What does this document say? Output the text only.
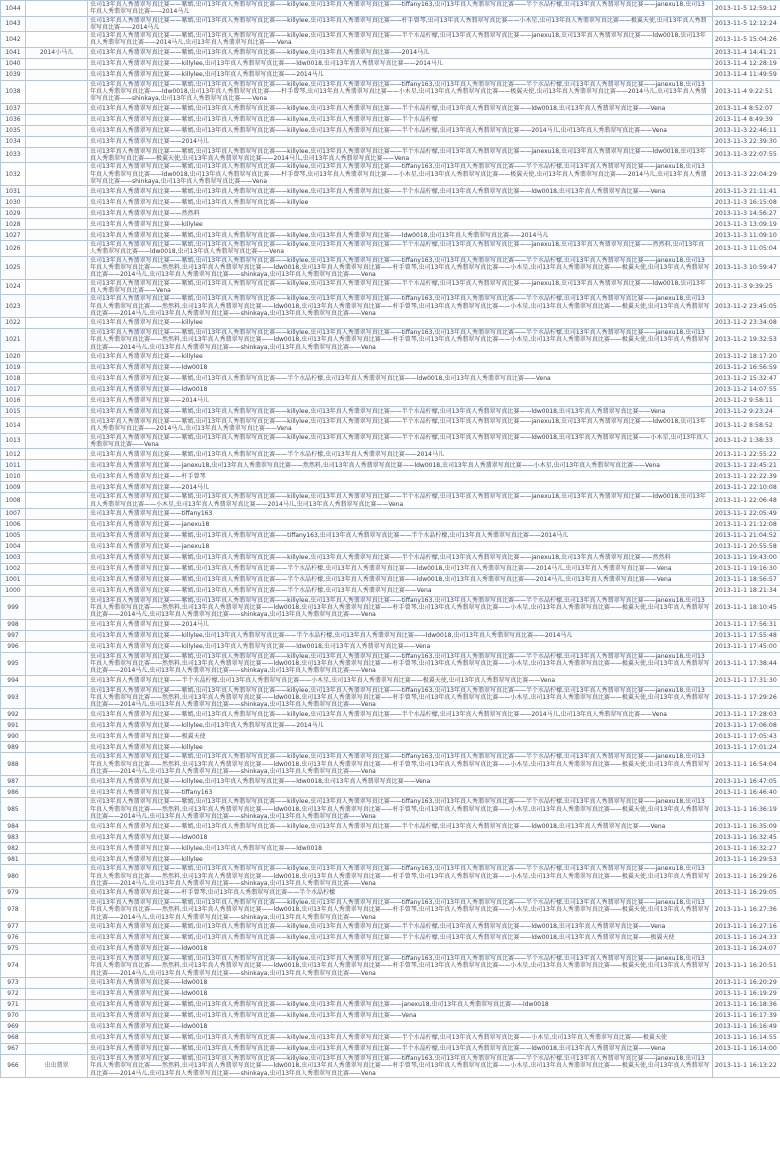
1044		虫司13年真人秀翡翠写真比赛——紫嫣,虫司13年真人秀翡翠写真比赛——killylee,虫司13年真人秀翡翠写真比赛——tiffany163,虫司13年真人秀翡翠写真比赛——半个水晶柠檬,虫司13年真人秀翡翠写真比赛——janexu18,虫司13年真人秀翡翠写真比赛——2014马儿	2013-11-5 12:59:12
1043		虫司13年真人秀翡翠写真比赛——紫嫣,虫司13年真人秀翡翠写真比赛——killylee,虫司13年真人秀翡翠写真比赛——杆手曾琴,虫司13年真人秀翡翠写真比赛——小木星,虫司13年真人秀翡翠写真比赛——极翼天使,虫司13年真人秀翡翠写真比赛——2014马儿	2013-11-5 12:12:24
1042		虫司13年真人秀翡翠写真比赛——紫嫣,虫司13年真人秀翡翠写真比赛——killylee,虫司13年真人秀翡翠写真比赛——半个水晶柠檬,虫司13年真人秀翡翠写真比赛——janexu18,虫司13年真人秀翡翠写真比赛——ldw0018,虫司13年真人秀翡翠写真比赛——2014马儿,虫司13年真人秀翡翠写真比赛——Vena	2013-11-5 15:04:26
1041	2014小马儿	虫司13年真人秀翡翠写真比赛——紫嫣,虫司13年真人秀翡翠写真比赛——killylee,虫司13年真人秀翡翠写真比赛——2014马儿	2013-11-4 14:41:21
1040		虫司13年真人秀翡翠写真比赛——killylee,虫司13年真人秀翡翠写真比赛——ldw0018,虫司13年真人秀翡翠写真比赛——2014马儿	2013-11-4 12:28:19
1039		虫司13年真人秀翡翠写真比赛——killylee,虫司13年真人秀翡翠写真比赛——2014马儿	2013-11-4 11:49:59
1038		虫司13年真人秀翡翠写真比赛——紫嫣,虫司13年真人秀翡翠写真比赛——killylee,虫司13年真人秀翡翠写真比赛——tiffany163,虫司13年真人秀翡翠写真比赛——半个水晶柠檬,虫司13年真人秀翡翠写真比赛——janexu18,虫司13年真人秀翡翠写真比赛——ldw0018,虫司13年真人秀翡翠写真比赛——杆手曾琴,虫司13年真人秀翡翠写真比赛——小木星,虫司13年真人秀翡翠写真比赛——极翼天使,虫司13年真人秀翡翠写真比赛——2014马儿,虫司13年真人秀翡翠写真比赛——shinkaya,虫司13年真人秀翡翠写真比赛——Vena	2013-11-4 9:22:51
1037		虫司13年真人秀翡翠写真比赛——紫嫣,虫司13年真人秀翡翠写真比赛——killylee,虫司13年真人秀翡翠写真比赛——半个水晶柠檬,虫司13年真人秀翡翠写真比赛——ldw0018,虫司13年真人秀翡翠写真比赛——Vena	2013-11-4 8:52:07
1036		虫司13年真人秀翡翠写真比赛——紫嫣,虫司13年真人秀翡翠写真比赛——killylee,虫司13年真人秀翡翠写真比赛——半个水晶柠檬	2013-11-4 8:49:39
1035		虫司13年真人秀翡翠写真比赛——紫嫣,虫司13年真人秀翡翠写真比赛——killylee,虫司13年真人秀翡翠写真比赛——半个水晶柠檬,虫司13年真人秀翡翠写真比赛——2014马儿,虫司13年真人秀翡翠写真比赛——Vena	2013-11-3 22:46:11
1034		虫司13年真人秀翡翠写真比赛——2014马儿	2013-11-3 22:39:30
1033		虫司13年真人秀翡翠写真比赛——紫嫣,虫司13年真人秀翡翠写真比赛——killylee,虫司13年真人秀翡翠写真比赛——半个水晶柠檬,虫司13年真人秀翡翠写真比赛——janexu18,虫司13年真人秀翡翠写真比赛——ldw0018,虫司13年真人秀翡翠写真比赛——极翼天使,虫司13年真人秀翡翠写真比赛——2014马儿,虫司13年真人秀翡翠写真比赛——Vena	2013-11-3 22:07:55
1032		虫司13年真人秀翡翠写真比赛——紫嫣,虫司13年真人秀翡翠写真比赛——killylee,虫司13年真人秀翡翠写真比赛——tiffany163,虫司13年真人秀翡翠写真比赛——半个水晶柠檬,虫司13年真人秀翡翠写真比赛——janexu18,虫司13年真人秀翡翠写真比赛——ldw0018,虫司13年真人秀翡翠写真比赛——杆手曾琴,虫司13年真人秀翡翠写真比赛——小木星,虫司13年真人秀翡翠写真比赛——极翼天使,虫司13年真人秀翡翠写真比赛——2014马儿,虫司13年真人秀翡翠写真比赛——shinkaya,虫司13年真人秀翡翠写真比赛——Vena	2013-11-3 22:04:29
1031		虫司13年真人秀翡翠写真比赛——紫嫣,虫司13年真人秀翡翠写真比赛——killylee,虫司13年真人秀翡翠写真比赛——半个水晶柠檬,虫司13年真人秀翡翠写真比赛——ldw0018,虫司13年真人秀翡翠写真比赛——Vena	2013-11-3 21:11:41
1030		虫司13年真人秀翡翠写真比赛——紫嫣,虫司13年真人秀翡翠写真比赛——killylee	2013-11-3 16:15:08
1029		虫司13年真人秀翡翠写真比赛——然然料	2013-11-3 14:56:27
1028		虫司13年真人秀翡翠写真比赛——killylee	2013-11-3 13:09:19
1027		虫司13年真人秀翡翠写真比赛——紫嫣,虫司13年真人秀翡翠写真比赛——killylee,虫司13年真人秀翡翠写真比赛——ldw0018,虫司13年真人秀翡翠写真比赛——2014马儿	2013-11-3 11:09:10
1026		虫司13年真人秀翡翠写真比赛——紫嫣,虫司13年真人秀翡翠写真比赛——killylee,虫司13年真人秀翡翠写真比赛——半个水晶柠檬,虫司13年真人秀翡翠写真比赛——janexu18,虫司13年真人秀翡翠写真比赛——然然料,虫司13年真人秀翡翠写真比赛——ldw0018,虫司13年真人秀翡翠写真比赛——Vena	2013-11-3 11:05:04
1025		虫司13年真人秀翡翠写真比赛——紫嫣,虫司13年真人秀翡翠写真比赛——killylee,虫司13年真人秀翡翠写真比赛——tiffany163,虫司13年真人秀翡翠写真比赛——半个水晶柠檬,虫司13年真人秀翡翠写真比赛——janexu18,虫司13年真人秀翡翠写真比赛——然然料,虫司13年真人秀翡翠写真比赛——ldw0018,虫司13年真人秀翡翠写真比赛——杆手曾琴,虫司13年真人秀翡翠写真比赛——小木星,虫司13年真人秀翡翠写真比赛——极翼天使,虫司13年真人秀翡翠写真比赛——2014马儿,虫司13年真人秀翡翠写真比赛——shinkaya,虫司13年真人秀翡翠写真比赛——Vena	2013-11-3 10:59:47
1024		虫司13年真人秀翡翠写真比赛——紫嫣,虫司13年真人秀翡翠写真比赛——killylee,虫司13年真人秀翡翠写真比赛——半个水晶柠檬,虫司13年真人秀翡翠写真比赛——janexu18,虫司13年真人秀翡翠写真比赛——ldw0018,虫司13年真人秀翡翠写真比赛——Vena	2013-11-3 9:39:25
1023		虫司13年真人秀翡翠写真比赛——紫嫣,虫司13年真人秀翡翠写真比赛——killylee,虫司13年真人秀翡翠写真比赛——tiffany163,虫司13年真人秀翡翠写真比赛——半个水晶柠檬,虫司13年真人秀翡翠写真比赛——janexu18,虫司13年真人秀翡翠写真比赛——然然料,虫司13年真人秀翡翠写真比赛——ldw0018,虫司13年真人秀翡翠写真比赛——杆手曾琴,虫司13年真人秀翡翠写真比赛——小木星,虫司13年真人秀翡翠写真比赛——极翼天使,虫司13年真人秀翡翠写真比赛——2014马儿,虫司13年真人秀翡翠写真比赛——shinkaya,虫司13年真人秀翡翠写真比赛——Vena	2013-11-2 23:45:05
1022		虫司13年真人秀翡翠写真比赛——killylee	2013-11-2 23:34:08
1021		虫司13年真人秀翡翠写真比赛——紫嫣,虫司13年真人秀翡翠写真比赛——killylee,虫司13年真人秀翡翠写真比赛——tiffany163,虫司13年真人秀翡翠写真比赛——半个水晶柠檬,虫司13年真人秀翡翠写真比赛——janexu18,虫司13年真人秀翡翠写真比赛——然然料,虫司13年真人秀翡翠写真比赛——ldw0018,虫司13年真人秀翡翠写真比赛——杆手曾琴,虫司13年真人秀翡翠写真比赛——小木星,虫司13年真人秀翡翠写真比赛——极翼天使,虫司13年真人秀翡翠写真比赛——2014马儿,虫司13年真人秀翡翠写真比赛——shinkaya,虫司13年真人秀翡翠写真比赛——Vena	2013-11-2 19:32:53
1020		虫司13年真人秀翡翠写真比赛——killylee	2013-11-2 18:17:20
1019		虫司13年真人秀翡翠写真比赛——ldw0018	2013-11-2 16:56:59
1018		虫司13年真人秀翡翠写真比赛——紫嫣,虫司13年真人秀翡翠写真比赛——半个水晶柠檬,虫司13年真人秀翡翠写真比赛——ldw0018,虫司13年真人秀翡翠写真比赛——Vena	2013-11-2 15:32:47
1017		虫司13年真人秀翡翠写真比赛——ldw0018	2013-11-2 14:07:55
1016		虫司13年真人秀翡翠写真比赛——2014马儿	2013-11-2 9:58:11
1015		虫司13年真人秀翡翠写真比赛——紫嫣,虫司13年真人秀翡翠写真比赛——killylee,虫司13年真人秀翡翠写真比赛——半个水晶柠檬,虫司13年真人秀翡翠写真比赛——ldw0018,虫司13年真人秀翡翠写真比赛——Vena	2013-11-2 9:23:24
1014		虫司13年真人秀翡翠写真比赛——紫嫣,虫司13年真人秀翡翠写真比赛——killylee,虫司13年真人秀翡翠写真比赛——半个水晶柠檬,虫司13年真人秀翡翠写真比赛——janexu18,虫司13年真人秀翡翠写真比赛——ldw0018,虫司13年真人秀翡翠写真比赛——2014马儿,虫司13年真人秀翡翠写真比赛——Vena	2013-11-2 8:58:52
1013		虫司13年真人秀翡翠写真比赛——紫嫣,虫司13年真人秀翡翠写真比赛——killylee,虫司13年真人秀翡翠写真比赛——半个水晶柠檬,虫司13年真人秀翡翠写真比赛——ldw0018,虫司13年真人秀翡翠写真比赛——小木星,虫司13年真人秀翡翠写真比赛——Vena	2013-11-2 1:38:33
1012		虫司13年真人秀翡翠写真比赛——紫嫣,虫司13年真人秀翡翠写真比赛——半个水晶柠檬,虫司13年真人秀翡翠写真比赛——2014马儿	2013-11-1 22:55:22
1011		虫司13年真人秀翡翠写真比赛——janexu18,虫司13年真人秀翡翠写真比赛——然然料,虫司13年真人秀翡翠写真比赛——ldw0018,虫司13年真人秀翡翠写真比赛——小木星,虫司13年真人秀翡翠写真比赛——Vena	2013-11-1 22:45:21
1010		虫司13年真人秀翡翠写真比赛——杆手曾琴	2013-11-1 22:22:39
1009		虫司13年真人秀翡翠写真比赛——2014马儿	2013-11-1 22:10:08
1008		虫司13年真人秀翡翠写真比赛——紫嫣,虫司13年真人秀翡翠写真比赛——killylee,虫司13年真人秀翡翠写真比赛——半个水晶柠檬,虫司13年真人秀翡翠写真比赛——janexu18,虫司13年真人秀翡翠写真比赛——ldw0018,虫司13年真人秀翡翠写真比赛——小木星,虫司13年真人秀翡翠写真比赛——2014马儿,虫司13年真人秀翡翠写真比赛——Vena	2013-11-1 22:06:48
1007		虫司13年真人秀翡翠写真比赛——tiffany163	2013-11-1 22:05:49
1006		虫司13年真人秀翡翠写真比赛——janexu18	2013-11-1 21:12:08
1005		虫司13年真人秀翡翠写真比赛——紫嫣,虫司13年真人秀翡翠写真比赛——tiffany163,虫司13年真人秀翡翠写真比赛——半个水晶柠檬,虫司13年真人秀翡翠写真比赛——2014马儿	2013-11-1 21:04:52
1004		虫司13年真人秀翡翠写真比赛——janexu18	2013-11-1 20:55:58
1003		虫司13年真人秀翡翠写真比赛——紫嫣,虫司13年真人秀翡翠写真比赛——killylee,虫司13年真人秀翡翠写真比赛——半个水晶柠檬,虫司13年真人秀翡翠写真比赛——janexu18,虫司13年真人秀翡翠写真比赛——然然料	2013-11-1 19:43:00
1002		虫司13年真人秀翡翠写真比赛——紫嫣,虫司13年真人秀翡翠写真比赛——半个水晶柠檬,虫司13年真人秀翡翠写真比赛——ldw0018,虫司13年真人秀翡翠写真比赛——2014马儿,虫司13年真人秀翡翠写真比赛——Vena	2013-11-1 19:16:30
1001		虫司13年真人秀翡翠写真比赛——紫嫣,虫司13年真人秀翡翠写真比赛——半个水晶柠檬,虫司13年真人秀翡翠写真比赛——ldw0018,虫司13年真人秀翡翠写真比赛——2014马儿,虫司13年真人秀翡翠写真比赛——Vena	2013-11-1 18:56:57
1000		虫司13年真人秀翡翠写真比赛——紫嫣,虫司13年真人秀翡翠写真比赛——半个水晶柠檬,虫司13年真人秀翡翠写真比赛——Vena	2013-11-1 18:21:34
999		虫司13年真人秀翡翠写真比赛——紫嫣,虫司13年真人秀翡翠写真比赛——killylee,虫司13年真人秀翡翠写真比赛——tiffany163,虫司13年真人秀翡翠写真比赛——半个水晶柠檬,虫司13年真人秀翡翠写真比赛——janexu18,虫司13年真人秀翡翠写真比赛——然然料,虫司13年真人秀翡翠写真比赛——ldw0018,虫司13年真人秀翡翠写真比赛——杆手曾琴,虫司13年真人秀翡翠写真比赛——小木星,虫司13年真人秀翡翠写真比赛——极翼天使,虫司13年真人秀翡翠写真比赛——2014马儿,虫司13年真人秀翡翠写真比赛——shinkaya,虫司13年真人秀翡翠写真比赛——Vena	2013-11-1 18:10:45
998		虫司13年真人秀翡翠写真比赛——2014马儿	2013-11-1 17:56:31
997		虫司13年真人秀翡翠写真比赛——killylee,虫司13年真人秀翡翠写真比赛——半个水晶柠檬,虫司13年真人秀翡翠写真比赛——ldw0018,虫司13年真人秀翡翠写真比赛——2014马儿	2013-11-1 17:55:48
996		虫司13年真人秀翡翠写真比赛——killylee,虫司13年真人秀翡翠写真比赛——ldw0018,虫司13年真人秀翡翠写真比赛——Vena	2013-11-1 17:45:00
995		虫司13年真人秀翡翠写真比赛——紫嫣,虫司13年真人秀翡翠写真比赛——killylee,虫司13年真人秀翡翠写真比赛——tiffany163,虫司13年真人秀翡翠写真比赛——半个水晶柠檬,虫司13年真人秀翡翠写真比赛——janexu18,虫司13年真人秀翡翠写真比赛——然然料,虫司13年真人秀翡翠写真比赛——ldw0018,虫司13年真人秀翡翠写真比赛——杆手曾琴,虫司13年真人秀翡翠写真比赛——小木星,虫司13年真人秀翡翠写真比赛——极翼天使,虫司13年真人秀翡翠写真比赛——2014马儿,虫司13年真人秀翡翠写真比赛——shinkaya,虫司13年真人秀翡翠写真比赛——Vena	2013-11-1 17:38:44
994		虫司13年真人秀翡翠写真比赛——半个水晶柠檬,虫司13年真人秀翡翠写真比赛——小木星,虫司13年真人秀翡翠写真比赛——极翼天使,虫司13年真人秀翡翠写真比赛——Vena	2013-11-1 17:31:30
993		虫司13年真人秀翡翠写真比赛——紫嫣,虫司13年真人秀翡翠写真比赛——killylee,虫司13年真人秀翡翠写真比赛——tiffany163,虫司13年真人秀翡翠写真比赛——半个水晶柠檬,虫司13年真人秀翡翠写真比赛——janexu18,虫司13年真人秀翡翠写真比赛——然然料,虫司13年真人秀翡翠写真比赛——ldw0018,虫司13年真人秀翡翠写真比赛——杆手曾琴,虫司13年真人秀翡翠写真比赛——小木星,虫司13年真人秀翡翠写真比赛——极翼天使,虫司13年真人秀翡翠写真比赛——2014马儿,虫司13年真人秀翡翠写真比赛——shinkaya,虫司13年真人秀翡翠写真比赛——Vena	2013-11-1 17:29:26
992		虫司13年真人秀翡翠写真比赛——紫嫣,虫司13年真人秀翡翠写真比赛——killylee,虫司13年真人秀翡翠写真比赛——半个水晶柠檬,虫司13年真人秀翡翠写真比赛——2014马儿,虫司13年真人秀翡翠写真比赛——Vena	2013-11-1 17:28:03
991		虫司13年真人秀翡翠写真比赛——killylee,虫司13年真人秀翡翠写真比赛——2014马儿	2013-11-1 17:06:08
990		虫司13年真人秀翡翠写真比赛——极翼天使	2013-11-1 17:05:43
989		虫司13年真人秀翡翠写真比赛——killylee	2013-11-1 17:01:24
988		虫司13年真人秀翡翠写真比赛——紫嫣,虫司13年真人秀翡翠写真比赛——killylee,虫司13年真人秀翡翠写真比赛——tiffany163,虫司13年真人秀翡翠写真比赛——半个水晶柠檬,虫司13年真人秀翡翠写真比赛——janexu18,虫司13年真人秀翡翠写真比赛——然然料,虫司13年真人秀翡翠写真比赛——ldw0018,虫司13年真人秀翡翠写真比赛——杆手曾琴,虫司13年真人秀翡翠写真比赛——小木星,虫司13年真人秀翡翠写真比赛——极翼天使,虫司13年真人秀翡翠写真比赛——2014马儿,虫司13年真人秀翡翠写真比赛——shinkaya,虫司13年真人秀翡翠写真比赛——Vena	2013-11-1 16:54:04
987		虫司13年真人秀翡翠写真比赛——killylee,虫司13年真人秀翡翠写真比赛——ldw0018,虫司13年真人秀翡翠写真比赛——Vena	2013-11-1 16:47:05
986		虫司13年真人秀翡翠写真比赛——tiffany163	2013-11-1 16:46:40
985		虫司13年真人秀翡翠写真比赛——紫嫣,虫司13年真人秀翡翠写真比赛——killylee,虫司13年真人秀翡翠写真比赛——tiffany163,虫司13年真人秀翡翠写真比赛——半个水晶柠檬,虫司13年真人秀翡翠写真比赛——janexu18,虫司13年真人秀翡翠写真比赛——然然料,虫司13年真人秀翡翠写真比赛——ldw0018,虫司13年真人秀翡翠写真比赛——杆手曾琴,虫司13年真人秀翡翠写真比赛——小木星,虫司13年真人秀翡翠写真比赛——极翼天使,虫司13年真人秀翡翠写真比赛——2014马儿,虫司13年真人秀翡翠写真比赛——shinkaya,虫司13年真人秀翡翠写真比赛——Vena	2013-11-1 16:36:19
984		虫司13年真人秀翡翠写真比赛——紫嫣,虫司13年真人秀翡翠写真比赛——killylee,虫司13年真人秀翡翠写真比赛——半个水晶柠檬,虫司13年真人秀翡翠写真比赛——ldw0018,虫司13年真人秀翡翠写真比赛——Vena	2013-11-1 16:35:09
983		虫司13年真人秀翡翠写真比赛——ldw0018	2013-11-1 16:32:45
982		虫司13年真人秀翡翠写真比赛——killylee,虫司13年真人秀翡翠写真比赛——ldw0018	2013-11-1 16:32:27
981		虫司13年真人秀翡翠写真比赛——killylee	2013-11-1 16:29:53
980		虫司13年真人秀翡翠写真比赛——紫嫣,虫司13年真人秀翡翠写真比赛——killylee,虫司13年真人秀翡翠写真比赛——tiffany163,虫司13年真人秀翡翠写真比赛——半个水晶柠檬,虫司13年真人秀翡翠写真比赛——janexu18,虫司13年真人秀翡翠写真比赛——然然料,虫司13年真人秀翡翠写真比赛——ldw0018,虫司13年真人秀翡翠写真比赛——杆手曾琴,虫司13年真人秀翡翠写真比赛——小木星,虫司13年真人秀翡翠写真比赛——极翼天使,虫司13年真人秀翡翠写真比赛——2014马儿,虫司13年真人秀翡翠写真比赛——shinkaya,虫司13年真人秀翡翠写真比赛——Vena	2013-11-1 16:29:26
979		虫司13年真人秀翡翠写真比赛——杆手曾琴,虫司13年真人秀翡翠写真比赛——半个水晶柠檬	2013-11-1 16:29:05
978		虫司13年真人秀翡翠写真比赛——紫嫣,虫司13年真人秀翡翠写真比赛——killylee,虫司13年真人秀翡翠写真比赛——tiffany163,虫司13年真人秀翡翠写真比赛——半个水晶柠檬,虫司13年真人秀翡翠写真比赛——janexu18,虫司13年真人秀翡翠写真比赛——然然料,虫司13年真人秀翡翠写真比赛——ldw0018,虫司13年真人秀翡翠写真比赛——杆手曾琴,虫司13年真人秀翡翠写真比赛——小木星,虫司13年真人秀翡翠写真比赛——极翼天使,虫司13年真人秀翡翠写真比赛——2014马儿,虫司13年真人秀翡翠写真比赛——shinkaya,虫司13年真人秀翡翠写真比赛——Vena	2013-11-1 16:27:36
977		虫司13年真人秀翡翠写真比赛——紫嫣,虫司13年真人秀翡翠写真比赛——killylee,虫司13年真人秀翡翠写真比赛——半个水晶柠檬,虫司13年真人秀翡翠写真比赛——ldw0018,虫司13年真人秀翡翠写真比赛——Vena	2013-11-1 16:27:16
976		虫司13年真人秀翡翠写真比赛——紫嫣,虫司13年真人秀翡翠写真比赛——killylee,虫司13年真人秀翡翠写真比赛——半个水晶柠檬,虫司13年真人秀翡翠写真比赛——ldw0018,虫司13年真人秀翡翠写真比赛——极翼天使	2013-11-1 16:24:33
975		虫司13年真人秀翡翠写真比赛——ldw0018	2013-11-1 16:24:07
974		虫司13年真人秀翡翠写真比赛——紫嫣,虫司13年真人秀翡翠写真比赛——killylee,虫司13年真人秀翡翠写真比赛——tiffany163,虫司13年真人秀翡翠写真比赛——半个水晶柠檬,虫司13年真人秀翡翠写真比赛——janexu18,虫司13年真人秀翡翠写真比赛——然然料,虫司13年真人秀翡翠写真比赛——ldw0018,虫司13年真人秀翡翠写真比赛——杆手曾琴,虫司13年真人秀翡翠写真比赛——小木星,虫司13年真人秀翡翠写真比赛——极翼天使,虫司13年真人秀翡翠写真比赛——2014马儿,虫司13年真人秀翡翠写真比赛——shinkaya,虫司13年真人秀翡翠写真比赛——Vena	2013-11-1 16:20:51
973		虫司13年真人秀翡翠写真比赛——ldw0018	2013-11-1 16:20:29
972		虫司13年真人秀翡翠写真比赛——ldw0018	2013-11-1 16:19:29
971		虫司13年真人秀翡翠写真比赛——紫嫣,虫司13年真人秀翡翠写真比赛——killylee,虫司13年真人秀翡翠写真比赛——janexu18,虫司13年真人秀翡翠写真比赛——ldw0018	2013-11-1 16:18:36
970		虫司13年真人秀翡翠写真比赛——紫嫣,虫司13年真人秀翡翠写真比赛——killylee,虫司13年真人秀翡翠写真比赛——Vena	2013-11-1 16:17:39
969		虫司13年真人秀翡翠写真比赛——ldw0018	2013-11-1 16:16:49
968		虫司13年真人秀翡翠写真比赛——紫嫣,虫司13年真人秀翡翠写真比赛——killylee,虫司13年真人秀翡翠写真比赛——半个水晶柠檬,虫司13年真人秀翡翠写真比赛——小木星,虫司13年真人秀翡翠写真比赛——极翼天使	2013-11-1 16:14:55
967		虫司13年真人秀翡翠写真比赛——紫嫣,虫司13年真人秀翡翠写真比赛——killylee,虫司13年真人秀翡翠写真比赛——半个水晶柠檬,虫司13年真人秀翡翠写真比赛——ldw0018,虫司13年真人秀翡翠写真比赛——Vena	2013-11-1 16:14:00
966	虫虫翡翠	虫司13年真人秀翡翠写真比赛——紫嫣,虫司13年真人秀翡翠写真比赛——killylee,虫司13年真人秀翡翠写真比赛——tiffany163,虫司13年真人秀翡翠写真比赛——半个水晶柠檬,虫司13年真人秀翡翠写真比赛——janexu18,虫司13年真人秀翡翠写真比赛——然然料,虫司13年真人秀翡翠写真比赛——ldw0018,虫司13年真人秀翡翠写真比赛——杆手曾琴,虫司13年真人秀翡翠写真比赛——小木星,虫司13年真人秀翡翠写真比赛——极翼天使,虫司13年真人秀翡翠写真比赛——2014马儿,虫司13年真人秀翡翠写真比赛——shinkaya,虫司13年真人秀翡翠写真比赛——Vena	2013-11-1 16:13:22
